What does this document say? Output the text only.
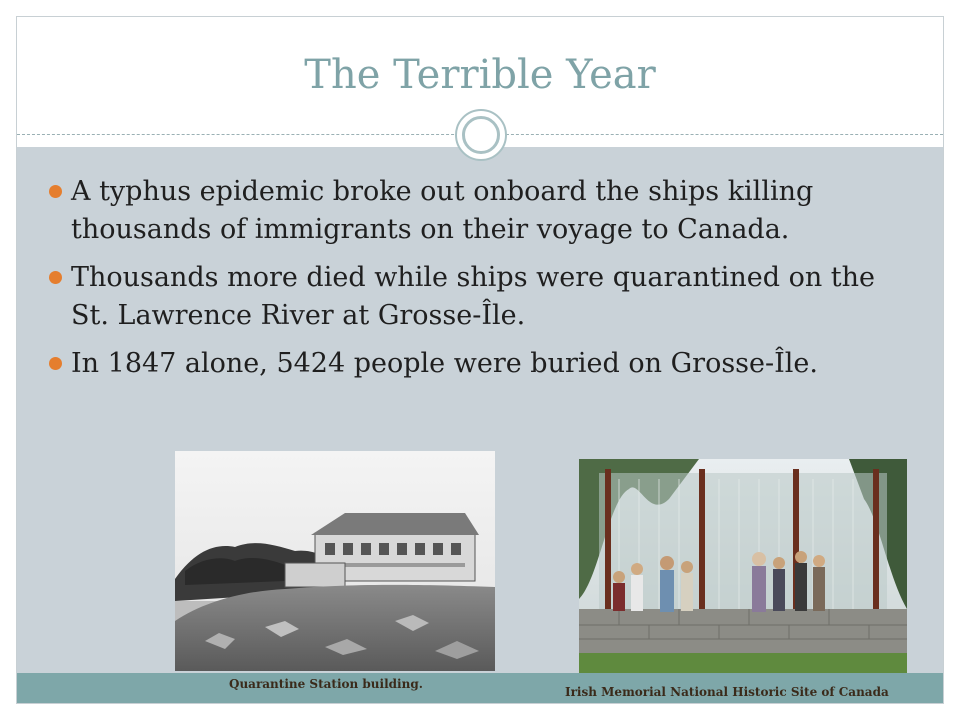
The Terrible Year
A typhus epidemic broke out onboard the ships killing thousands of immigrants on their voyage to Canada.
Thousands more died while ships were quarantined on the St. Lawrence River at Grosse-Île.
In 1847 alone, 5424 people were buried on Grosse-Île.
Quarantine Station building.
Irish Memorial National Historic Site of Canada
